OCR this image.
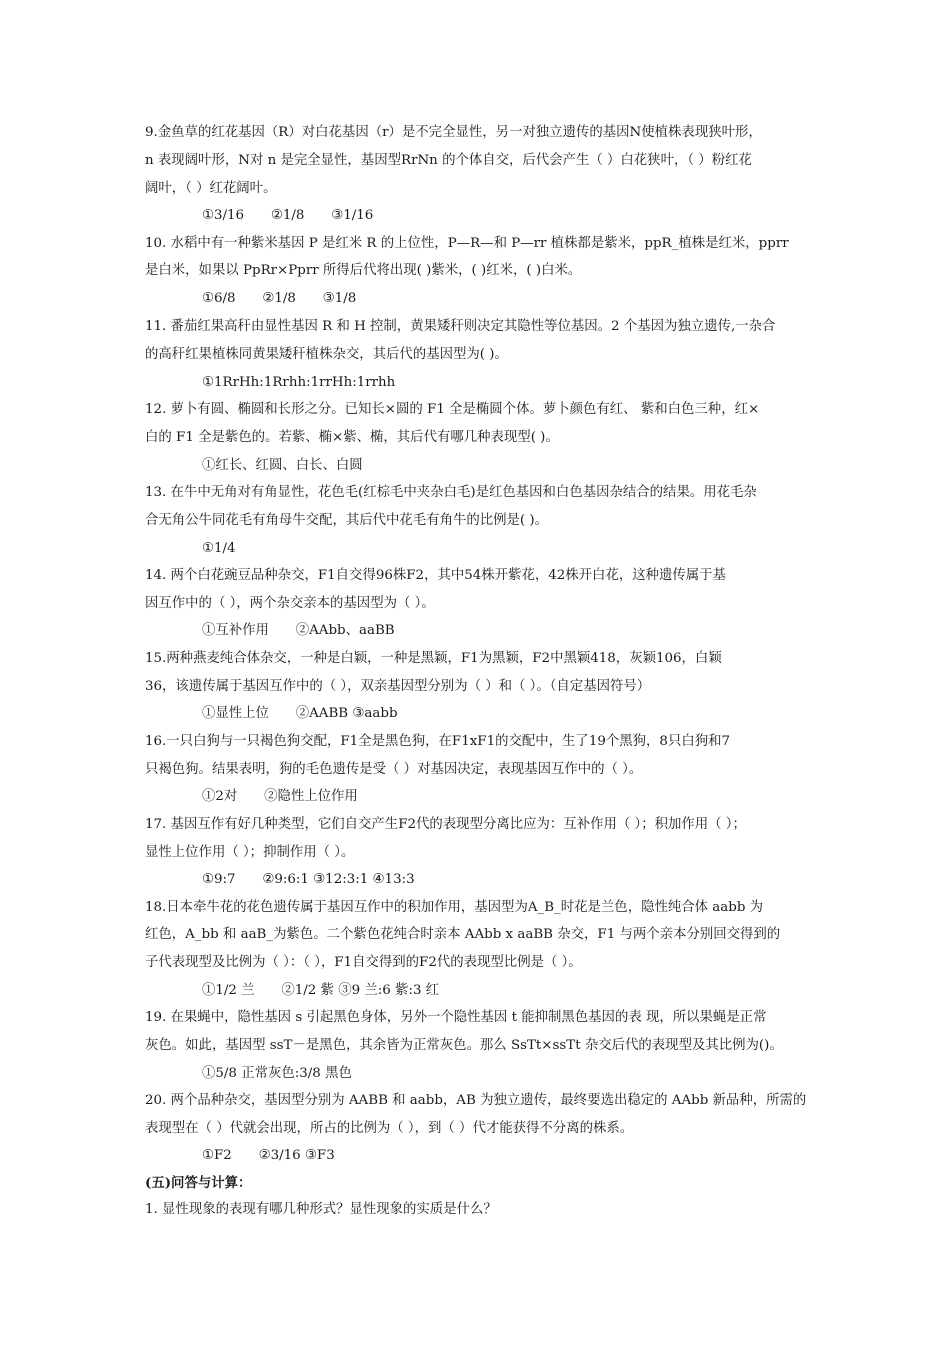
9.金鱼草的红花基因（R）对白花基因（r）是不完全显性，另一对独立遗传的基因N使植株表现狭叶形，
n 表现阔叶形，N对 n 是完全显性，基因型RrNn 的个体自交，后代会产生（ ）白花狭叶，（ ）粉红花
阔叶，（ ）红花阔叶。
①3/16　　②1/8　　③1/16
10. 水稻中有一种紫米基因 P 是红米 R 的上位性，P—R—和 P—rr 植株都是紫米，ppR_植株是红米，pprr
是白米，如果以 PpRr×Pprr 所得后代将出现( )紫米，( )红米，( )白米。
①6/8　　②1/8　　③1/8
11. 番茄红果高秆由显性基因 R 和 H 控制，黄果矮秆则决定其隐性等位基因。2 个基因为独立遗传,一杂合
的高秆红果植株同黄果矮秆植株杂交，其后代的基因型为( )。
①1RrHh:1Rrhh:1rrHh:1rrhh
12. 萝卜有圆、椭圆和长形之分。已知长×圆的 F1 全是椭圆个体。萝卜颜色有红、 紫和白色三种，红×
白的 F1 全是紫色的。若紫、椭×紫、椭，其后代有哪几种表现型( )。
①红长、红圆、白长、白圆
13. 在牛中无角对有角显性，花色毛(红棕毛中夹杂白毛)是红色基因和白色基因杂结合的结果。用花毛杂
合无角公牛同花毛有角母牛交配，其后代中花毛有角牛的比例是( )。
①1/4
14. 两个白花豌豆品种杂交，F1自交得96株F2，其中54株开紫花，42株开白花，这种遗传属于基
因互作中的（ ），两个杂交亲本的基因型为（ ）。
①互补作用　　②AAbb、aaBB
15.两种燕麦纯合体杂交，一种是白颖，一种是黑颖，F1为黑颖，F2中黑颖418，灰颖106，白颖
36，该遗传属于基因互作中的（ ），双亲基因型分别为（ ）和（ ）。（自定基因符号）
①显性上位　　②AABB ③aabb
16.一只白狗与一只褐色狗交配，F1全是黑色狗，在F1xF1的交配中，生了19个黑狗，8只白狗和7
只褐色狗。结果表明，狗的毛色遗传是受（ ）对基因决定，表现基因互作中的（ ）。
①2对　　②隐性上位作用
17. 基因互作有好几种类型，它们自交产生F2代的表现型分离比应为：互补作用（ ）；积加作用（ ）；
显性上位作用（ ）；抑制作用（ ）。
①9:7　　②9:6:1 ③12:3:1 ④13:3
18.日本牵牛花的花色遗传属于基因互作中的积加作用，基因型为A_B_时花是兰色，隐性纯合体 aabb 为
红色，A_bb 和 aaB_为紫色。二个紫色花纯合时亲本 AAbb x aaBB 杂交，F1 与两个亲本分别回交得到的
子代表现型及比例为（ ）：（ ），F1自交得到的F2代的表现型比例是（ ）。
①1/2 兰　　②1/2 紫 ③9 兰:6 紫:3 红
19. 在果蝇中，隐性基因 s 引起黑色身体，另外一个隐性基因 t 能抑制黑色基因的表 现，所以果蝇是正常
灰色。如此，基因型 ssT－是黑色，其余皆为正常灰色。那么 SsTt×ssTt 杂交后代的表现型及其比例为()。
①5/8 正常灰色:3/8 黑色
20. 两个品种杂交，基因型分别为 AABB 和 aabb，AB 为独立遗传，最终要选出稳定的 AAbb 新品种，所需的
表现型在（ ）代就会出现，所占的比例为（ ），到（ ）代才能获得不分离的株系。
①F2　　②3/16 ③F3
(五)问答与计算：
1. 显性现象的表现有哪几种形式？显性现象的实质是什么？
